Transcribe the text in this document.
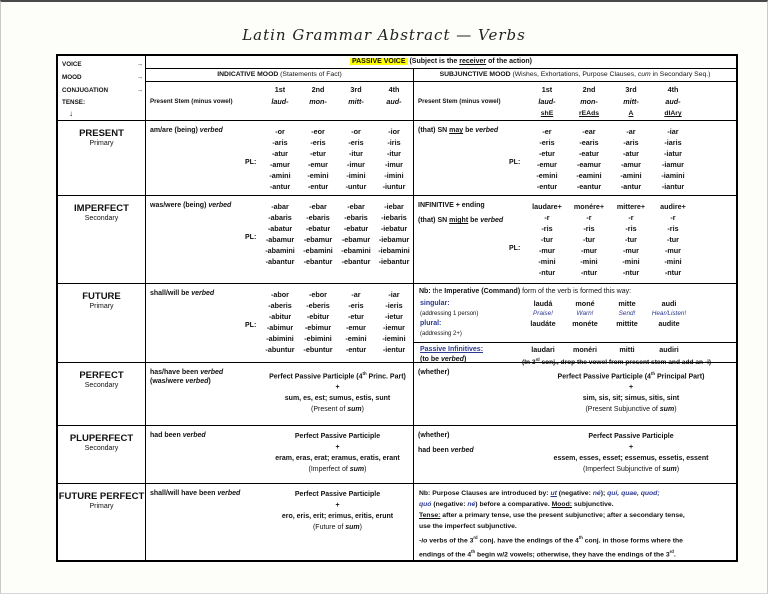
Latin Grammar Abstract — Verbs
VOICE	→
MOOD	→
CONJUGATION	→
TENSE:
↓
PASSIVE VOICE (Subject is the receiver of the action)
INDICATIVE MOOD (Statements of Fact)	SUBJUNCTIVE MOOD (Wishes, Exhortations, Purpose Clauses, cum in Secondary Seq.)
1st	2nd	3rd	4th
Present Stem (minus vowel)	laud-	mon-	mitt-	aud-
1st	2nd	3rd	4th
Present Stem (minus vowel)	laud-	mon-	mitt-	aud-
shE	rEAds	A	dIAry
PRESENT
Primary
am/are (being) verbed	-or	-eor	-or	-ior
-aris	-eris	-eris	-iris
-atur	-etur	-itur	-itur
-amur	-emur	-imur	-imur
-amini	-emini	-imini	-imini
-antur	-entur	-untur	-iuntur
PL:
(that) SN may be verbed	-er	-ear	-ar	-iar
-eris	-earis	-aris	-iaris
-etur	-eatur	-atur	-iatur
-emur	-eamur	-amur	-iamur
-emini	-eamini	-amini	-iamini
-entur	-eantur	-antur	-iantur
PL:
IMPERFECT
Secondary
was/were (being) verbed	-abar	-ebar	-ebar	-iebar
-abaris	-ebaris	-ebaris	-iebaris
-abatur	-ebatur	-ebatur	-iebatur
-abamur	-ebamur	-ebamur	-iebamur
-abamini	-ebamini	-ebamini	-iebamini
-abantur	-ebantur	-ebantur	-iebantur
PL:
INFINITIVE + ending
(that) SN might be verbed
laudare+	monére+	mittere+	audire+
-r	-r	-r	-r
-ris	-ris	-ris	-ris
-tur	-tur	-tur	-tur
-mur	-mur	-mur	-mur
-mini	-mini	-mini	-mini
-ntur	-ntur	-ntur	-ntur
PL:
FUTURE
Primary
shall/will be verbed	-abor	-ebor	-ar	-iar
-aberis	-eberis	-eris	-ieris
-abitur	-ebitur	-etur	-ietur
-abimur	-ebimur	-emur	-iemur
-abimini	-ebimini	-emini	-iemini
-abuntur	-ebuntur	-entur	-ientur
PL:
Nb: the Imperative (Command) form of the verb is formed this way:
singular:	laudá	moné	mitte	audi
(addressing 1 person)	Praise!	Warn!	Send!	Hear/Listen!
plural:	laudáte	monéte	mittite	audite
(addressing 2+)
Passive Infinitives:	laudari	monéri	mitti	audiri
(to be verbed)	(In 3rd conj., drop the vowel from present stem and add an -i)
PERFECT
Secondary
has/have been verbed
(was/were verbed)
Perfect Passive Participle (4th Princ. Part)
+
sum, es, est; sumus, estis, sunt
(Present of sum)
(whether)
Perfect Passive Participle (4th Principal Part)
+
sim, sis, sit; simus, sitis, sint
(Present Subjunctive of sum)
PLUPERFECT
Secondary
had been verbed	Perfect Passive Participle
+
eram, eras, erat; eramus, eratis, erant
(Imperfect of sum)
(whether)
had been verbed
Perfect Passive Participle
+
essem, esses, esset; essemus, essetis, essent
(Imperfect Subjunctive of sum)
FUTURE PERFECT
Primary
shall/will have been verbed	Perfect Passive Participle
+
ero, eris, erit; erimus, eritis, erunt
(Future of sum)
Nb: Purpose Clauses are introduced by: ut (negative: né); qui, quae, quod;
quó (negative: né) before a comparative. Mood: subjunctive.
Tense: after a primary tense, use the present subjunctive; after a secondary tense,
use the imperfect subjunctive.
-io verbs of the 3rd conj. have the endings of the 4th conj. in those forms where the
endings of the 4th begin w/2 vowels; otherwise, they have the endings of the 3rd.
